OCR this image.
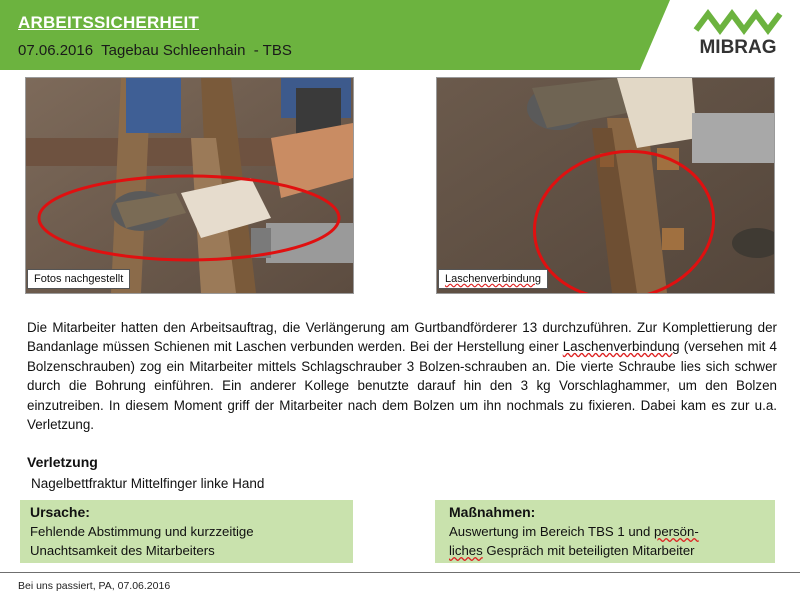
ARBEITSSICHERHEIT
07.06.2016  Tagebau Schleenhain  - TBS	MIBRAG
Fotos nachgestellt	Laschenverbindung
Die Mitarbeiter hatten den Arbeitsauftrag, die Verlängerung am Gurtbandförderer 13 durchzuführen. Zur Komplettierung der Bandanlage müssen Schienen mit Laschen verbunden werden. Bei der Herstellung einer Laschenverbindung (versehen mit 4 Bolzenschrauben) zog ein Mitarbeiter mittels Schlagschrauber 3 Bolzen-schrauben an. Die vierte Schraube lies sich schwer durch die Bohrung einführen. Ein anderer Kollege benutzte darauf hin den 3 kg Vorschlaghammer, um den Bolzen einzutreiben. In diesem Moment griff der Mitarbeiter nach dem Bolzen um ihn nochmals zu fixieren. Dabei kam es zur u.a. Verletzung.
Verletzung
Nagelbettfraktur Mittelfinger linke Hand
Ursache:

Fehlende Abstimmung und kurzzeitige
Unachtsamkeit des Mitarbeiters

Maßnahmen:

Auswertung im Bereich TBS 1 und persön-
liches Gespräch mit beteiligten Mitarbeiter

Bei uns passiert, PA, 07.06.2016
